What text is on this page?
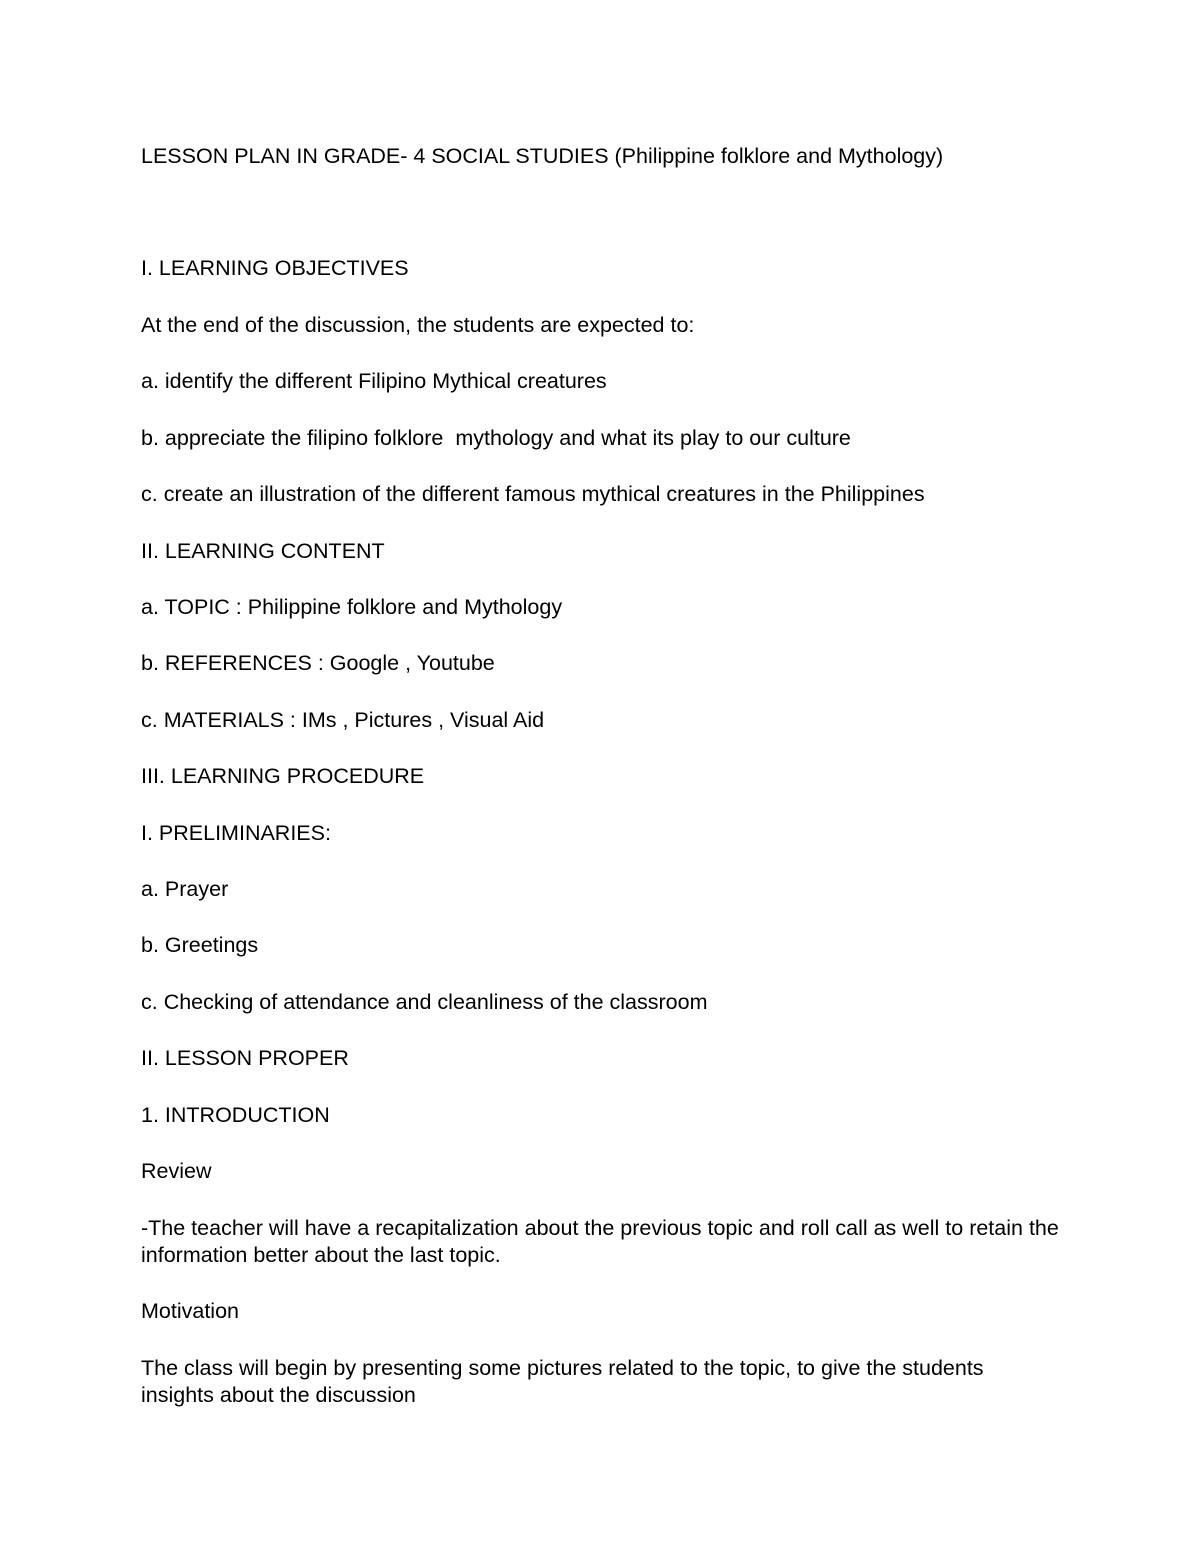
LESSON PLAN IN GRADE- 4 SOCIAL STUDIES (Philippine folklore and Mythology)

I. LEARNING OBJECTIVES

At the end of the discussion, the students are expected to:

a. identify the different Filipino Mythical creatures

b. appreciate the filipino folklore  mythology and what its play to our culture

c. create an illustration of the different famous mythical creatures in the Philippines

II. LEARNING CONTENT

a. TOPIC : Philippine folklore and Mythology

b. REFERENCES : Google , Youtube

c. MATERIALS : IMs , Pictures , Visual Aid

III. LEARNING PROCEDURE

I. PRELIMINARIES:

a. Prayer

b. Greetings

c. Checking of attendance and cleanliness of the classroom

II. LESSON PROPER

1. INTRODUCTION

Review

-The teacher will have a recapitalization about the previous topic and roll call as well to retain the information better about the last topic.

Motivation

The class will begin by presenting some pictures related to the topic, to give the students insights about the discussion
